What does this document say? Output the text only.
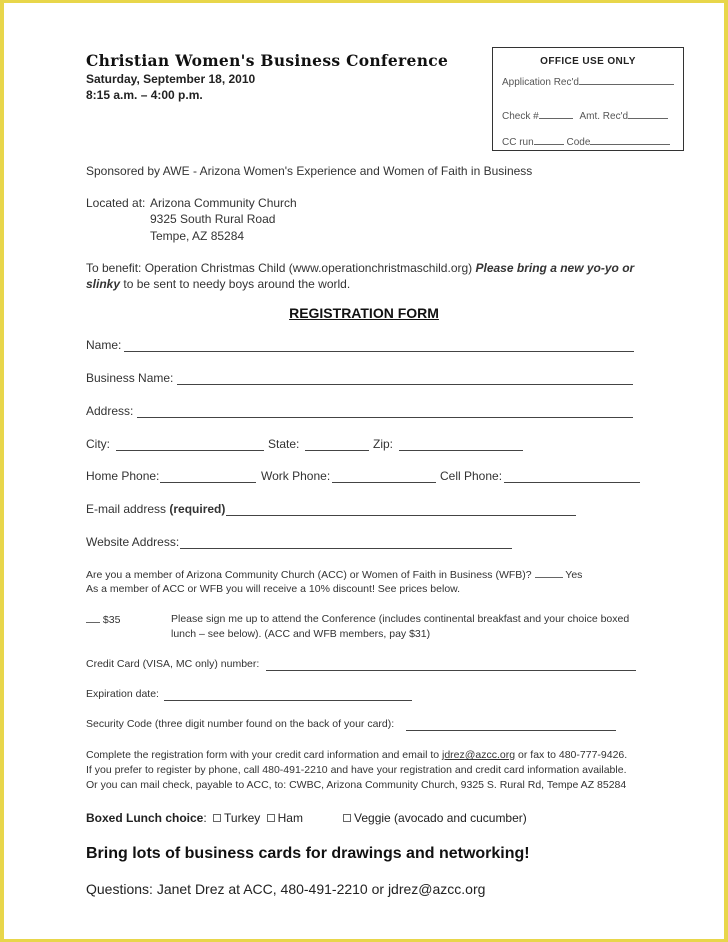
Christian Women's Business Conference
Saturday, September 18, 2010
8:15 a.m. – 4:00 p.m.
OFFICE USE ONLY
Application Rec'd
Check #	Amt. Rec'd
CC run	Code
Sponsored by AWE - Arizona Women's Experience and Women of Faith in Business
Located at: Arizona Community Church
9325 South Rural Road
Tempe, AZ 85284
To benefit: Operation Christmas Child (www.operationchristmaschild.org) Please bring a new yo-yo or
slinky to be sent to needy boys around the world.
REGISTRATION FORM
Name:
Business Name:
Address:
City:	State:	Zip:
Home Phone:	Work Phone:	Cell Phone:
E-mail address (required)
Website Address:
Are you a member of Arizona Community Church (ACC) or Women of Faith in Business (WFB)?	Yes
As a member of ACC or WFB you will receive a 10% discount! See prices below.
$35	Please sign me up to attend the Conference (includes continental breakfast and your choice boxed
lunch – see below). (ACC and WFB members, pay $31)
Credit Card (VISA, MC only) number:
Expiration date:
Security Code (three digit number found on the back of your card):
Complete the registration form with your credit card information and email to jdrez@azcc.org or fax to 480-777-9426.
If you prefer to register by phone, call 480-491-2210 and have your registration and credit card information available.
Or you can mail check, payable to ACC, to: CWBC, Arizona Community Church, 9325 S. Rural Rd, Tempe AZ 85284
Boxed Lunch choice: Turkey Ham	Veggie (avocado and cucumber)
Bring lots of business cards for drawings and networking!
Questions: Janet Drez at ACC, 480-491-2210 or jdrez@azcc.org
